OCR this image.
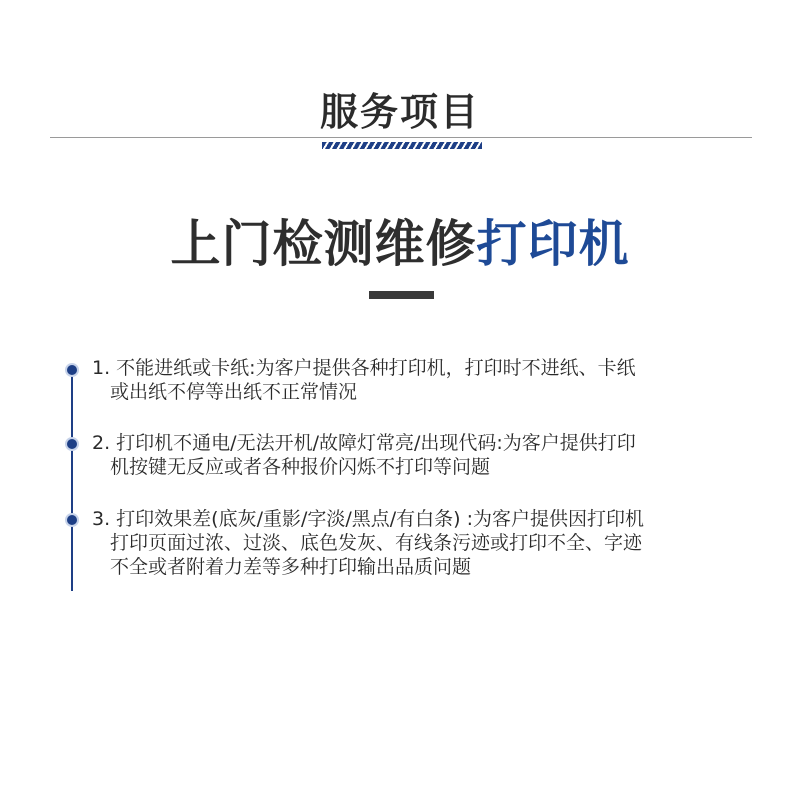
服务项目
上门检测维修打印机
1. 不能进纸或卡纸:为客户提供各种打印机，打印时不进纸、卡纸
或出纸不停等出纸不正常情况
2. 打印机不通电/无法开机/故障灯常亮/出现代码:为客户提供打印
机按键无反应或者各种报价闪烁不打印等问题
3. 打印效果差(底灰/重影/字淡/黑点/有白条) :为客户提供因打印机
打印页面过浓、过淡、底色发灰、有线条污迹或打印不全、字迹
不全或者附着力差等多种打印输出品质问题
